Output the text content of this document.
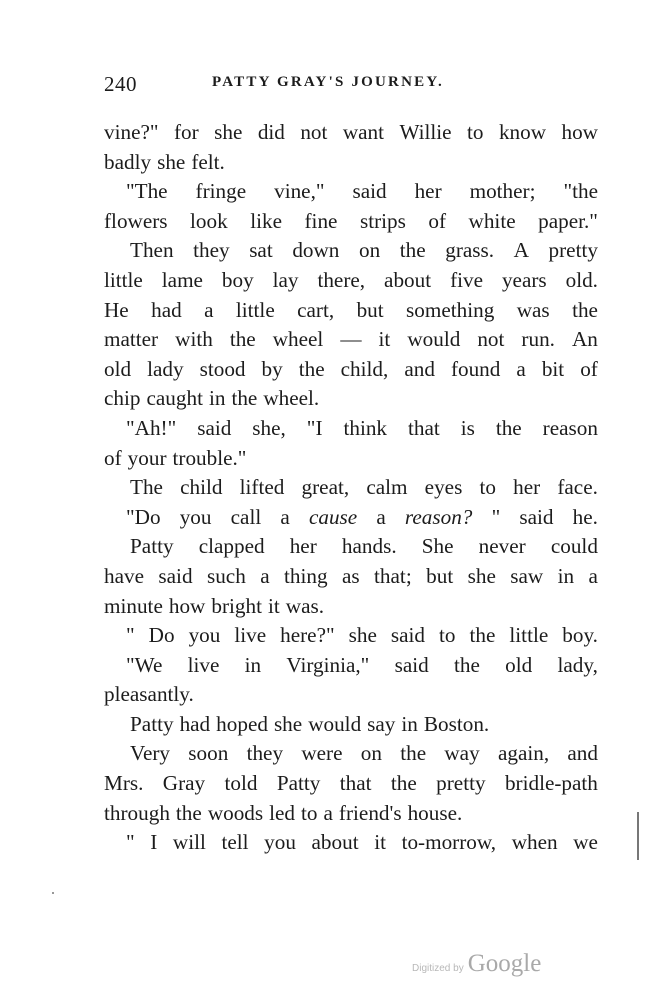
240	PATTY GRAY'S JOURNEY.
vine?" for she did not want Willie to know how
badly she felt.
"The fringe vine," said her mother; "the
flowers look like fine strips of white paper."
Then they sat down on the grass. A pretty
little lame boy lay there, about five years old.
He had a little cart, but something was the
matter with the wheel — it would not run. An
old lady stood by the child, and found a bit of
chip caught in the wheel.
"Ah!" said she, "I think that is the reason
of your trouble."
The child lifted great, calm eyes to her face.
"Do you call a cause a reason? " said he.
Patty clapped her hands. She never could
have said such a thing as that; but she saw in a
minute how bright it was.
" Do you live here?" she said to the little boy.
"We live in Virginia," said the old lady,
pleasantly.
Patty had hoped she would say in Boston.
Very soon they were on the way again, and
Mrs. Gray told Patty that the pretty bridle-path
through the woods led to a friend's house.
" I will tell you about it to-morrow, when we
Digitized by Google
